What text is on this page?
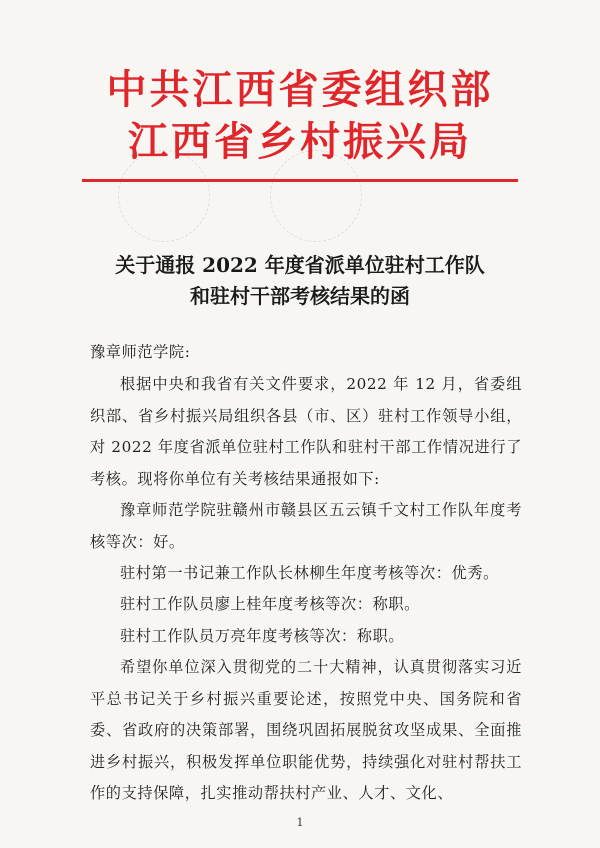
中共江西省委组织部
江西省乡村振兴局
关于通报 2022 年度省派单位驻村工作队
和驻村干部考核结果的函
豫章师范学院:
根据中央和我省有关文件要求，2022 年 12 月，省委组织部、省乡村振兴局组织各县（市、区）驻村工作领导小组，对 2022 年度省派单位驻村工作队和驻村干部工作情况进行了考核。现将你单位有关考核结果通报如下:
豫章师范学院驻赣州市赣县区五云镇千文村工作队年度考核等次：好。
驻村第一书记兼工作队长林柳生年度考核等次：优秀。
驻村工作队员廖上桂年度考核等次：称职。
驻村工作队员万亮年度考核等次：称职。
希望你单位深入贯彻党的二十大精神，认真贯彻落实习近平总书记关于乡村振兴重要论述，按照党中央、国务院和省委、省政府的决策部署，围绕巩固拓展脱贫攻坚成果、全面推进乡村振兴，积极发挥单位职能优势，持续强化对驻村帮扶工作的支持保障，扎实推动帮扶村产业、人才、文化、
1
